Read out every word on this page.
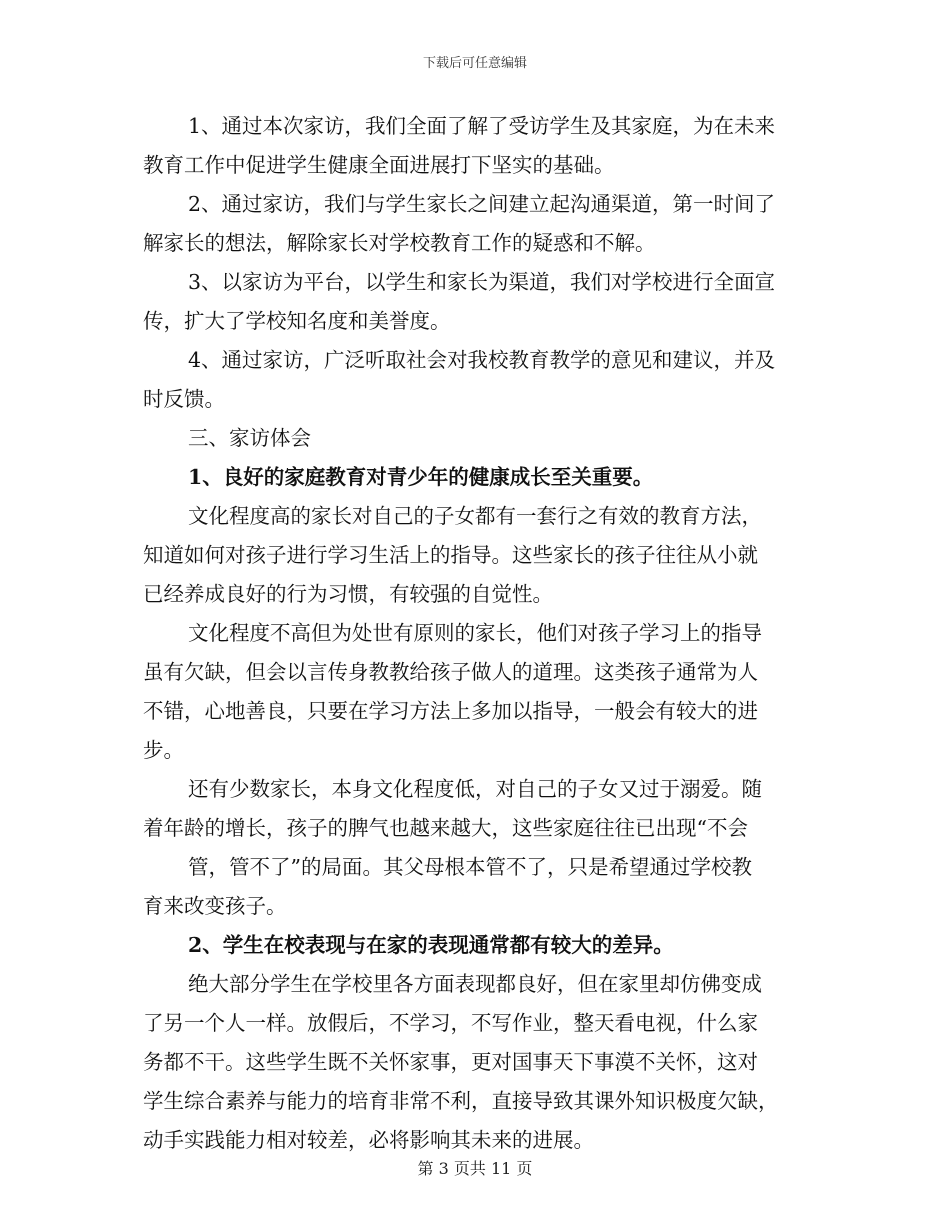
下载后可任意编辑
1、通过本次家访，我们全面了解了受访学生及其家庭，为在未来
教育工作中促进学生健康全面进展打下坚实的基础。
2、通过家访，我们与学生家长之间建立起沟通渠道，第一时间了
解家长的想法，解除家长对学校教育工作的疑惑和不解。
3、以家访为平台，以学生和家长为渠道，我们对学校进行全面宣
传，扩大了学校知名度和美誉度。
4、通过家访，广泛听取社会对我校教育教学的意见和建议，并及
时反馈。
三、家访体会
1、良好的家庭教育对青少年的健康成长至关重要。
文化程度高的家长对自己的子女都有一套行之有效的教育方法，
知道如何对孩子进行学习生活上的指导。这些家长的孩子往往从小就
已经养成良好的行为习惯，有较强的自觉性。
文化程度不高但为处世有原则的家长，他们对孩子学习上的指导
虽有欠缺，但会以言传身教教给孩子做人的道理。这类孩子通常为人
不错，心地善良，只要在学习方法上多加以指导，一般会有较大的进
步。
还有少数家长，本身文化程度低，对自己的子女又过于溺爱。随
着年龄的增长，孩子的脾气也越来越大，这些家庭往往已出现“不会
管，管不了”的局面。其父母根本管不了，只是希望通过学校教
育来改变孩子。
2、学生在校表现与在家的表现通常都有较大的差异。
绝大部分学生在学校里各方面表现都良好，但在家里却仿佛变成
了另一个人一样。放假后，不学习，不写作业，整天看电视，什么家
务都不干。这些学生既不关怀家事，更对国事天下事漠不关怀，这对
学生综合素养与能力的培育非常不利，直接导致其课外知识极度欠缺，
动手实践能力相对较差，必将影响其未来的进展。
第 3 页共 11 页
